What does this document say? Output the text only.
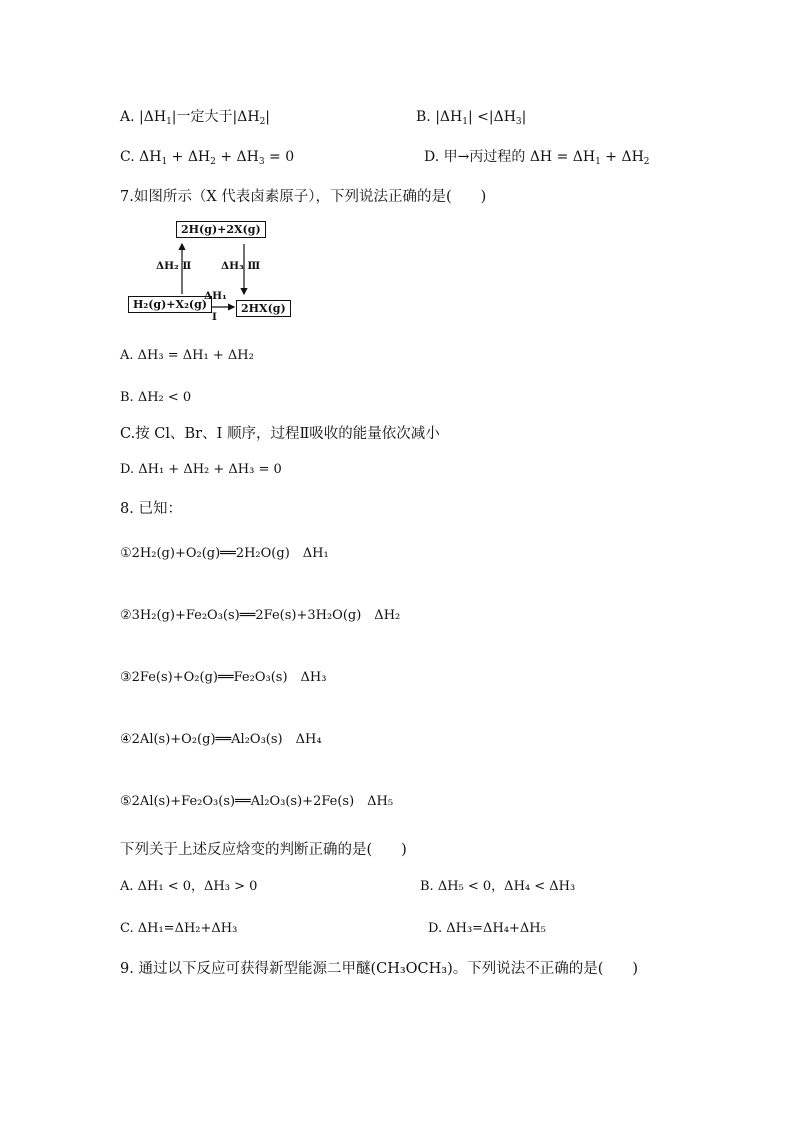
A. $|\Delta H_1|$一定大于$|\Delta H_2|$	B. $|\Delta H_1| <|\Delta H_3|$
C. $\Delta H_1 + \Delta H_2 + \Delta H_3 = 0$	D. 甲→丙过程的 $\Delta H = \Delta H_1 + \Delta H_2$
7.如图所示（X 代表卤素原子），下列说法正确的是(　　)
2H(g)+2X(g)
H₂(g)+X₂(g)	2HX(g)
ΔH₂ Ⅱ	ΔH₃ Ⅲ
ΔH₁
Ⅰ
A. ΔH₃ = ΔH₁ + ΔH₂
B. ΔH₂ < 0
C.按 Cl、Br、I 顺序，过程Ⅱ吸收的能量依次减小
D. ΔH₁ + ΔH₂ + ΔH₃ = 0
8. 已知：
①2H₂(g)+O₂(g)══2H₂O(g)　ΔH₁
②3H₂(g)+Fe₂O₃(s)══2Fe(s)+3H₂O(g)　ΔH₂
③2Fe(s)+O₂(g)══Fe₂O₃(s)　ΔH₃
④2Al(s)+O₂(g)══Al₂O₃(s)　ΔH₄
⑤2Al(s)+Fe₂O₃(s)══Al₂O₃(s)+2Fe(s)　ΔH₅
下列关于上述反应焓变的判断正确的是(　　)
A. ΔH₁ < 0，ΔH₃ > 0	B. ΔH₅ < 0，ΔH₄ < ΔH₃
C. ΔH₁=ΔH₂+ΔH₃	D. ΔH₃=ΔH₄+ΔH₅
9. 通过以下反应可获得新型能源二甲醚(CH₃OCH₃)。下列说法不正确的是(　　)
